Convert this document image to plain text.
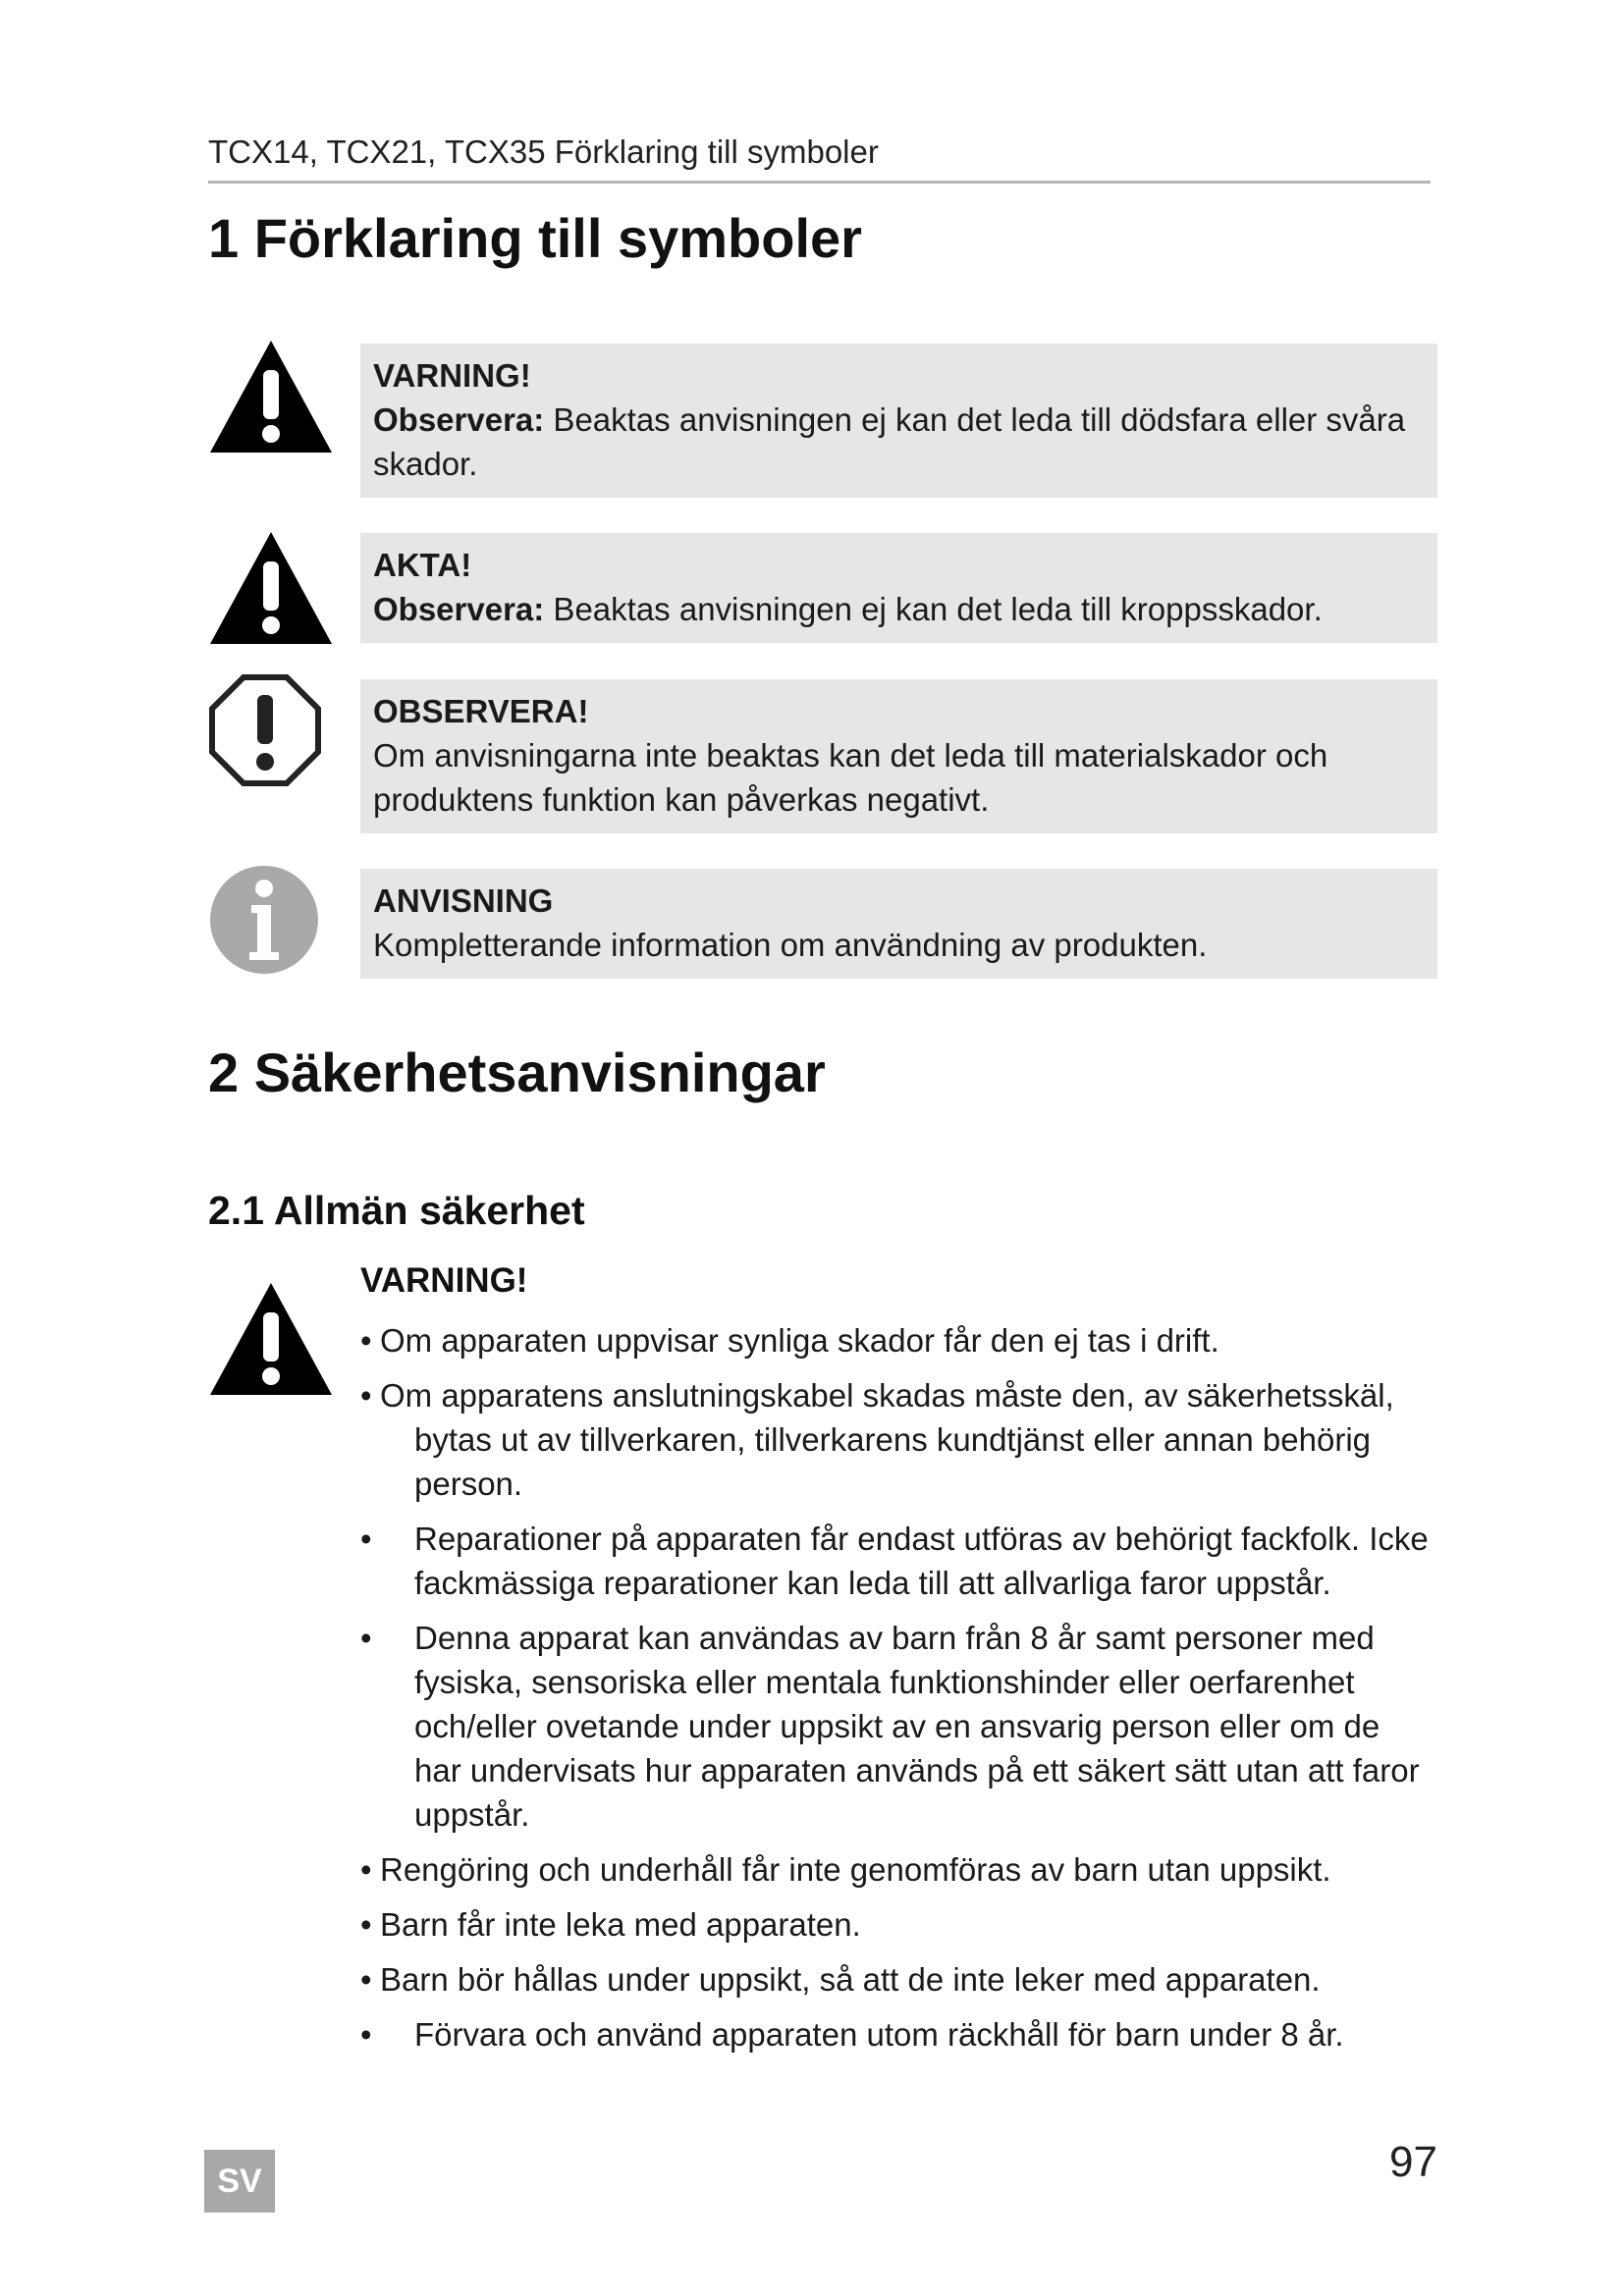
TCX14, TCX21, TCX35 Förklaring till symboler
1 Förklaring till symboler
VARNING!
Observera: Beaktas anvisningen ej kan det leda till dödsfara eller svåra skador.
AKTA!
Observera: Beaktas anvisningen ej kan det leda till kroppsskador.
OBSERVERA!
Om anvisningarna inte beaktas kan det leda till materialskador och produktens funktion kan påverkas negativt.
ANVISNING
Kompletterande information om användning av produkten.
2 Säkerhetsanvisningar
2.1 Allmän säkerhet
VARNING!
• Om apparaten uppvisar synliga skador får den ej tas i drift.
• Om apparatens anslutningskabel skadas måste den, av säkerhetsskäl,
bytas ut av tillverkaren, tillverkarens kundtjänst eller annan behörig person.
• Reparationer på apparaten får endast utföras av behörigt fackfolk. Icke fackmässiga reparationer kan leda till att allvarliga faror uppstår.
• Denna apparat kan användas av barn från 8 år samt personer med fysiska, sensoriska eller mentala funktionshinder eller oerfarenhet och/eller ovetande under uppsikt av en ansvarig person eller om de har undervisats hur apparaten används på ett säkert sätt utan att faror uppstår.
• Rengöring och underhåll får inte genomföras av barn utan uppsikt.
• Barn får inte leka med apparaten.
• Barn bör hållas under uppsikt, så att de inte leker med apparaten.
• Förvara och använd apparaten utom räckhåll för barn under 8 år.
SV	97
